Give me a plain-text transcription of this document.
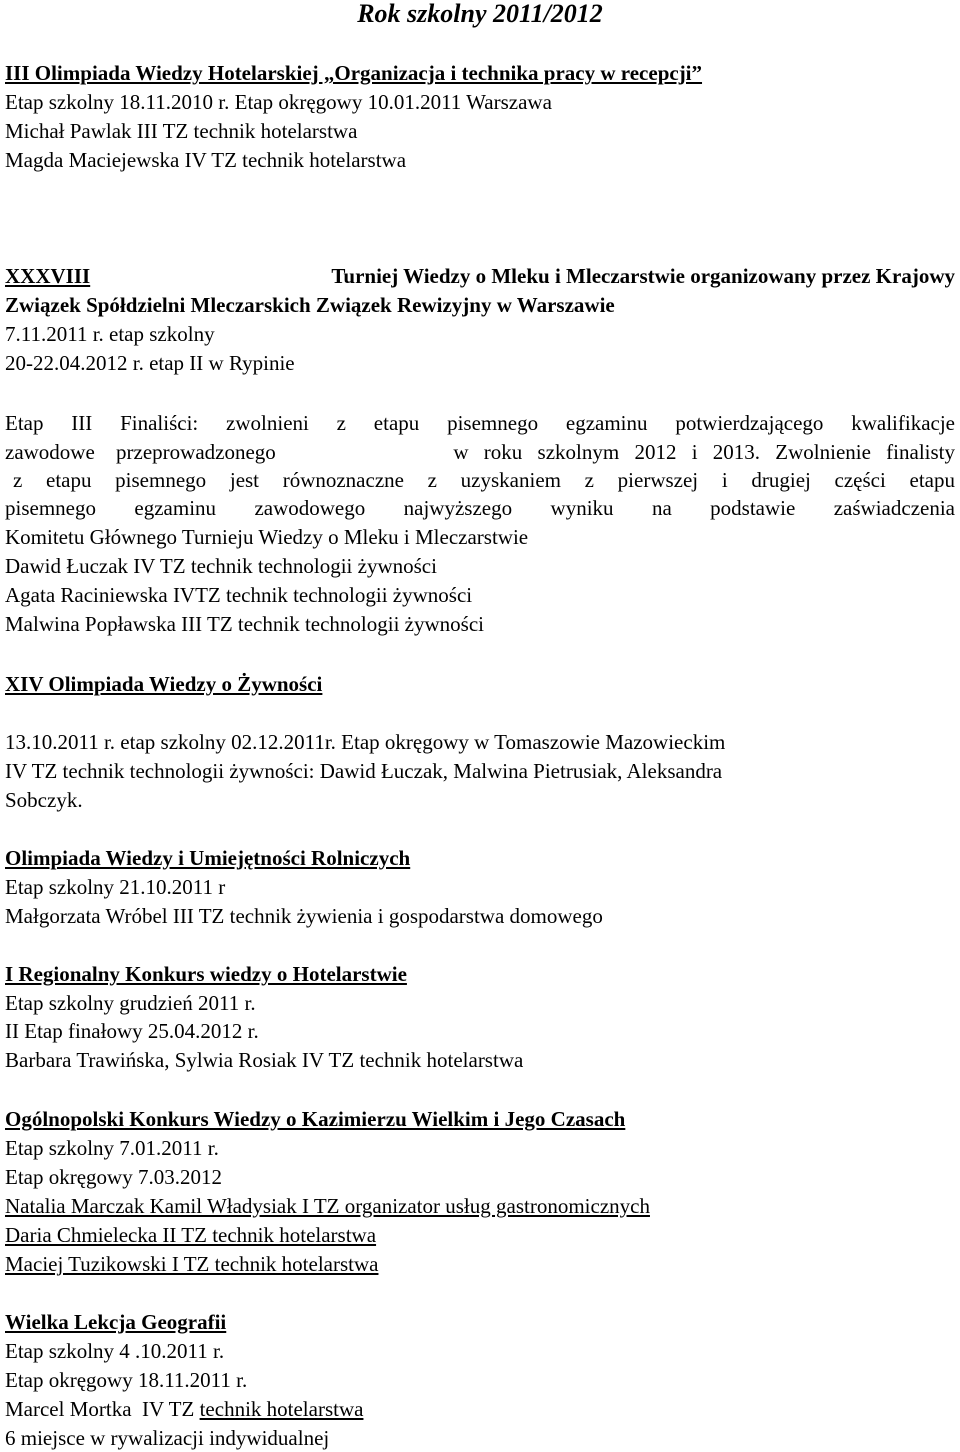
Rok szkolny 2011/2012
III Olimpiada Wiedzy Hotelarskiej „Organizacja i technika pracy w recepcji”
Etap szkolny 18.11.2010 r. Etap okręgowy 10.01.2011 Warszawa
Michał Pawlak III TZ technik hotelarstwa
Magda Maciejewska IV TZ technik hotelarstwa
XXXVIII	Turniej Wiedzy o Mleku i Mleczarstwie organizowany przez Krajowy
Związek Spółdzielni Mleczarskich Związek Rewizyjny w Warszawie
7.11.2011 r. etap szkolny
20-22.04.2012 r. etap II w Rypinie
Etap III Finaliści: zwolnieni z etapu pisemnego egzaminu potwierdzającego kwalifikacje
zawodowe przeprowadzonego	w roku szkolnym 2012 i 2013. Zwolnienie finalisty
z etapu pisemnego jest równoznaczne z uzyskaniem z pierwszej i drugiej części etapu
pisemnego egzaminu zawodowego najwyższego wyniku na podstawie zaświadczenia
Komitetu Głównego Turnieju Wiedzy o Mleku i Mleczarstwie
Dawid Łuczak IV TZ technik technologii żywności
Agata Raciniewska IVTZ technik technologii żywności
Malwina Popławska III TZ technik technologii żywności
XIV Olimpiada Wiedzy o Żywności
13.10.2011 r. etap szkolny 02.12.2011r. Etap okręgowy w Tomaszowie Mazowieckim
IV TZ technik technologii żywności: Dawid Łuczak, Malwina Pietrusiak, Aleksandra
Sobczyk.
Olimpiada Wiedzy i Umiejętności Rolniczych
Etap szkolny 21.10.2011 r
Małgorzata Wróbel III TZ technik żywienia i gospodarstwa domowego
I Regionalny Konkurs wiedzy o Hotelarstwie
Etap szkolny grudzień 2011 r.
II Etap finałowy 25.04.2012 r.
Barbara Trawińska, Sylwia Rosiak IV TZ technik hotelarstwa
Ogólnopolski Konkurs Wiedzy o Kazimierzu Wielkim i Jego Czasach
Etap szkolny 7.01.2011 r.
Etap okręgowy 7.03.2012
Natalia Marczak Kamil Władysiak I TZ organizator usług gastronomicznych
Daria Chmielecka II TZ technik hotelarstwa
Maciej Tuzikowski I TZ technik hotelarstwa
Wielka Lekcja Geografii
Etap szkolny 4 .10.2011 r.
Etap okręgowy 18.11.2011 r.
Marcel Mortka  IV TZ technik hotelarstwa
6 miejsce w rywalizacji indywidualnej
